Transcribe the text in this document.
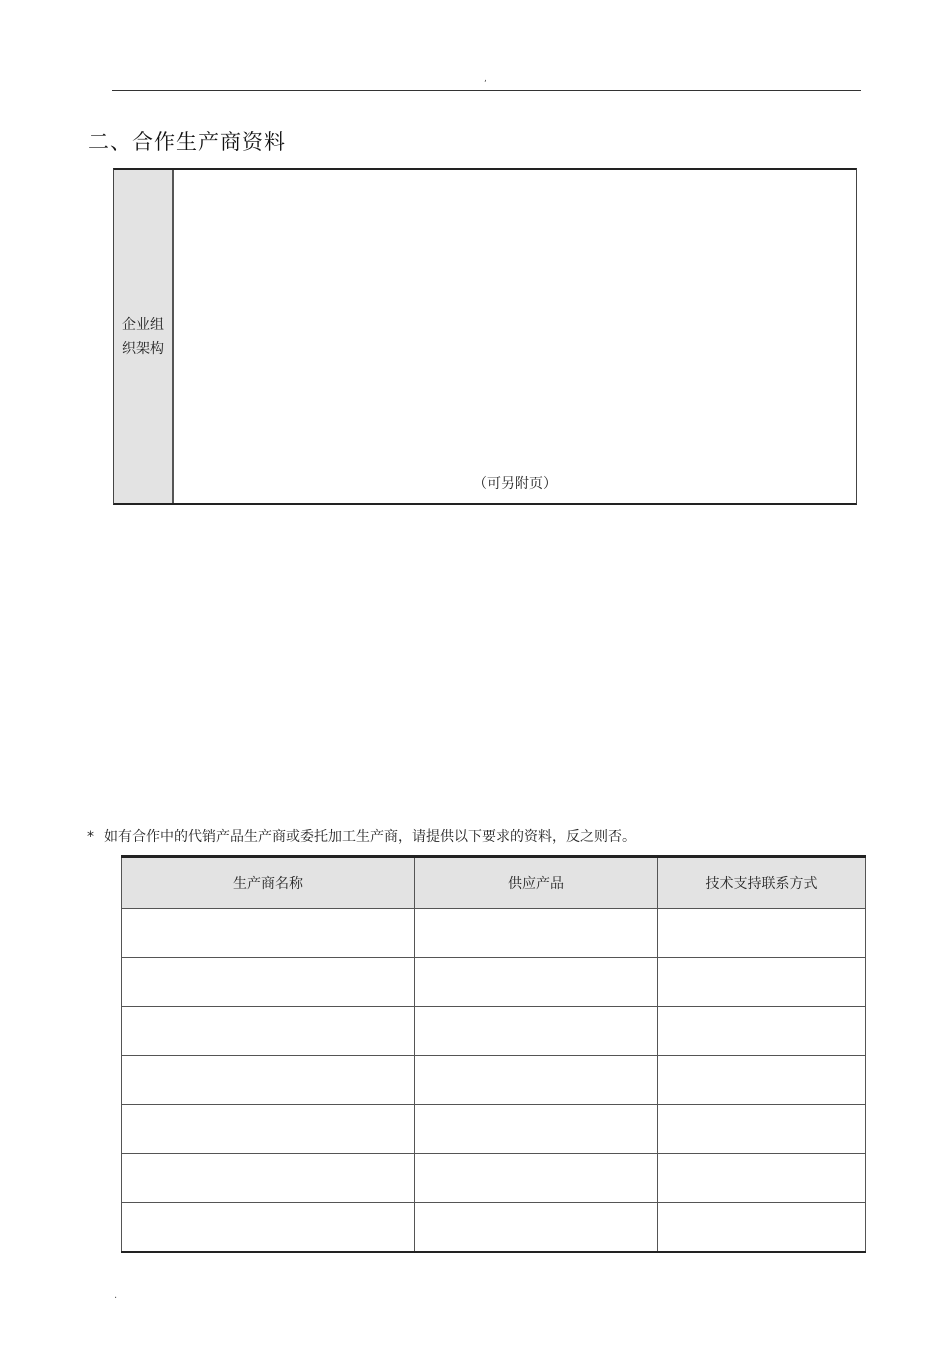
,
二、合作生产商资料
企业组织架构
（可另附页）
* 如有合作中的代销产品生产商或委托加工生产商，请提供以下要求的资料，反之则否。
生产商名称	供应产品	技术支持联系方式

.
